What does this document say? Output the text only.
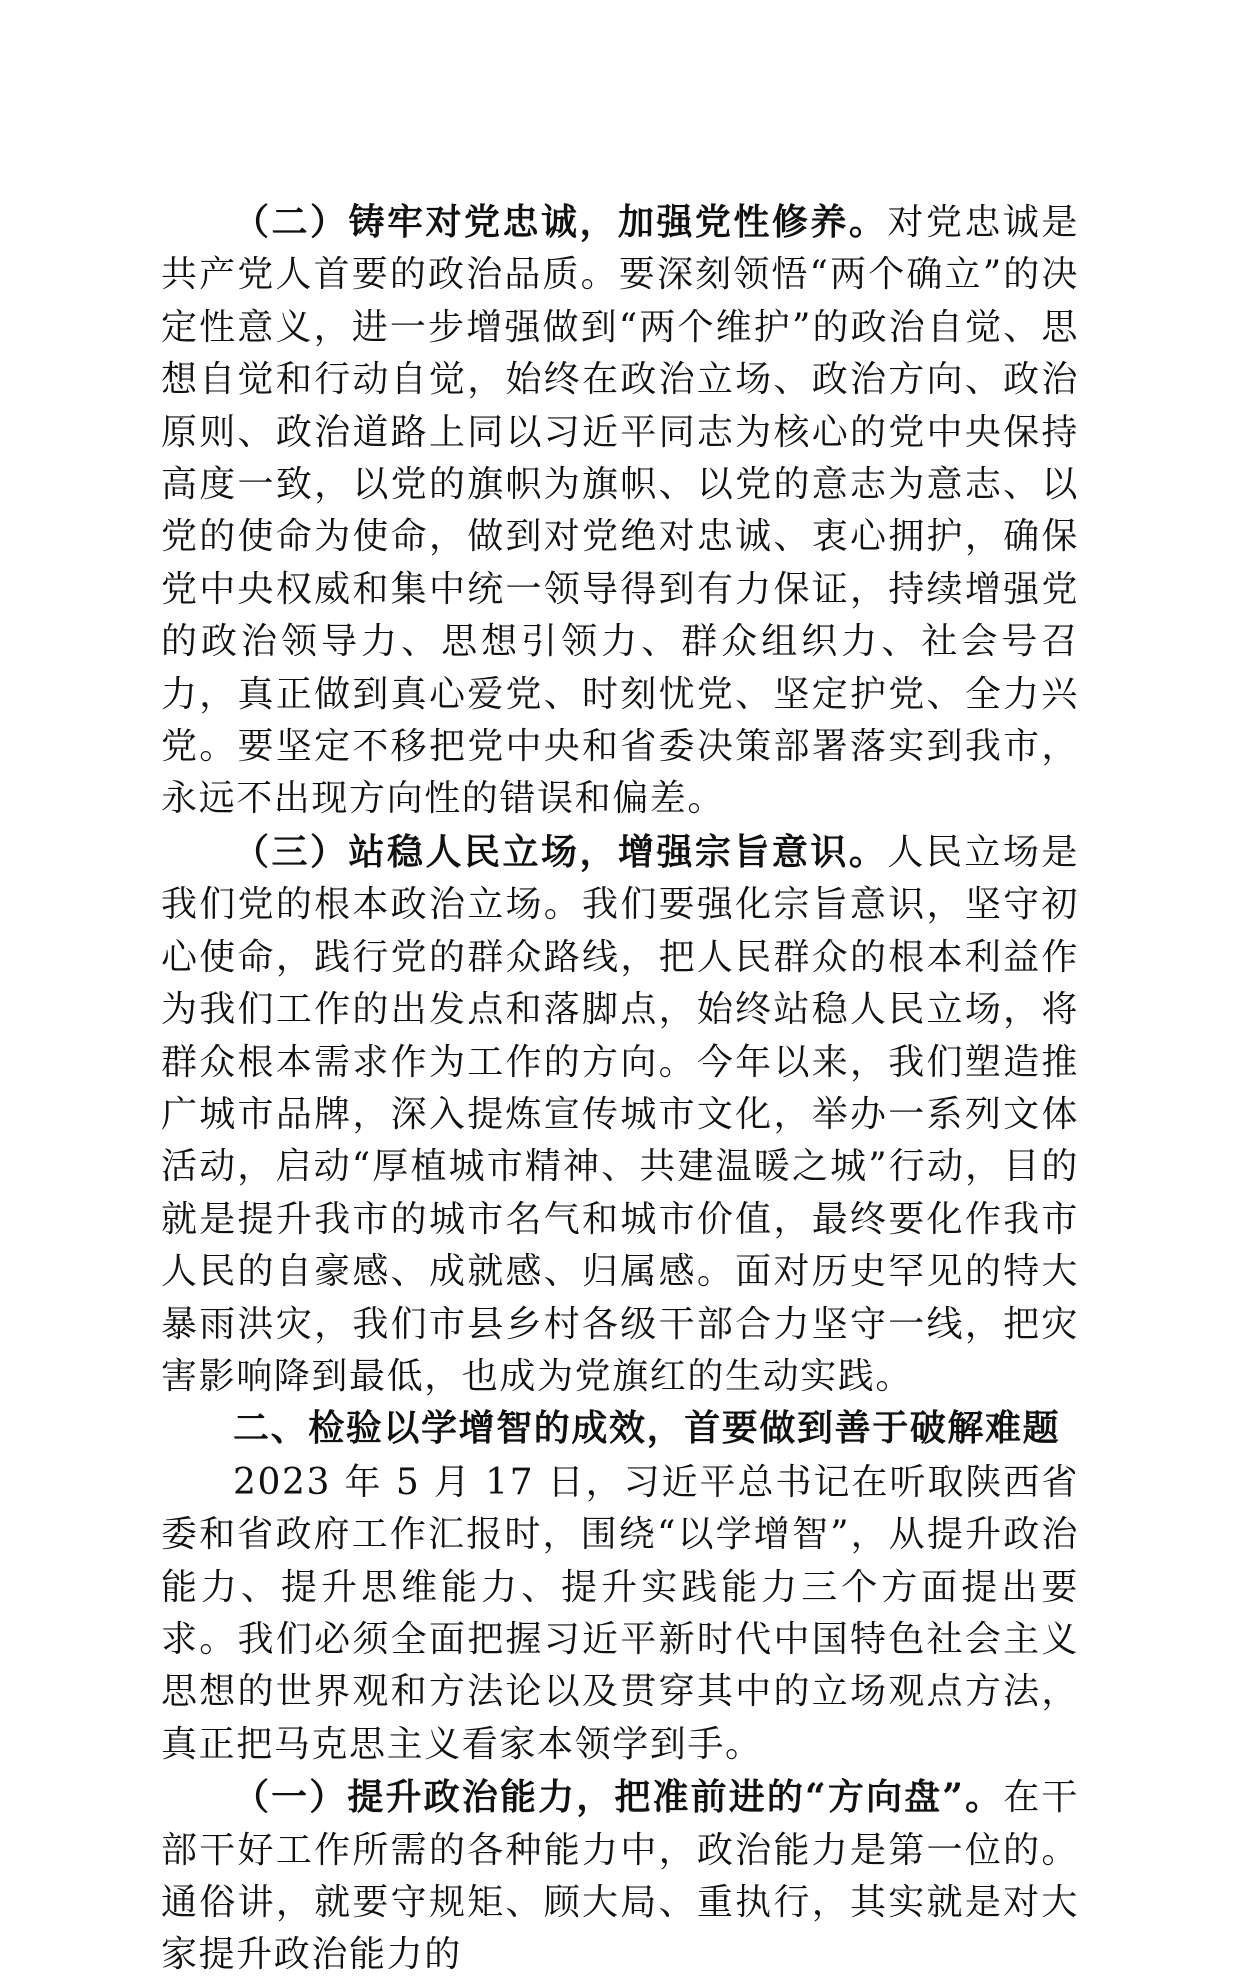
（二）铸牢对党忠诚，加强党性修养。对党忠诚是共产党人首要的政治品质。要深刻领悟“两个确立”的决定性意义，进一步增强做到“两个维护”的政治自觉、思想自觉和行动自觉，始终在政治立场、政治方向、政治原则、政治道路上同以习近平同志为核心的党中央保持高度一致，以党的旗帜为旗帜、以党的意志为意志、以党的使命为使命，做到对党绝对忠诚、衷心拥护，确保党中央权威和集中统一领导得到有力保证，持续增强党的政治领导力、思想引领力、群众组织力、社会号召力，真正做到真心爱党、时刻忧党、坚定护党、全力兴党。要坚定不移把党中央和省委决策部署落实到我市，永远不出现方向性的错误和偏差。

（三）站稳人民立场，增强宗旨意识。人民立场是我们党的根本政治立场。我们要强化宗旨意识，坚守初心使命，践行党的群众路线，把人民群众的根本利益作为我们工作的出发点和落脚点，始终站稳人民立场，将群众根本需求作为工作的方向。今年以来，我们塑造推广城市品牌，深入提炼宣传城市文化，举办一系列文体活动，启动“厚植城市精神、共建温暖之城”行动，目的就是提升我市的城市名气和城市价值，最终要化作我市人民的自豪感、成就感、归属感。面对历史罕见的特大暴雨洪灾，我们市县乡村各级干部合力坚守一线，把灾害影响降到最低，也成为党旗红的生动实践。

二、检验以学增智的成效，首要做到善于破解难题

2023 年 5 月 17 日，习近平总书记在听取陕西省委和省政府工作汇报时，围绕“以学增智”，从提升政治能力、提升思维能力、提升实践能力三个方面提出要求。我们必须全面把握习近平新时代中国特色社会主义思想的世界观和方法论以及贯穿其中的立场观点方法，真正把马克思主义看家本领学到手。

（一）提升政治能力，把准前进的“方向盘”。在干部干好工作所需的各种能力中，政治能力是第一位的。通俗讲，就要守规矩、顾大局、重执行，其实就是对大家提升政治能力的
